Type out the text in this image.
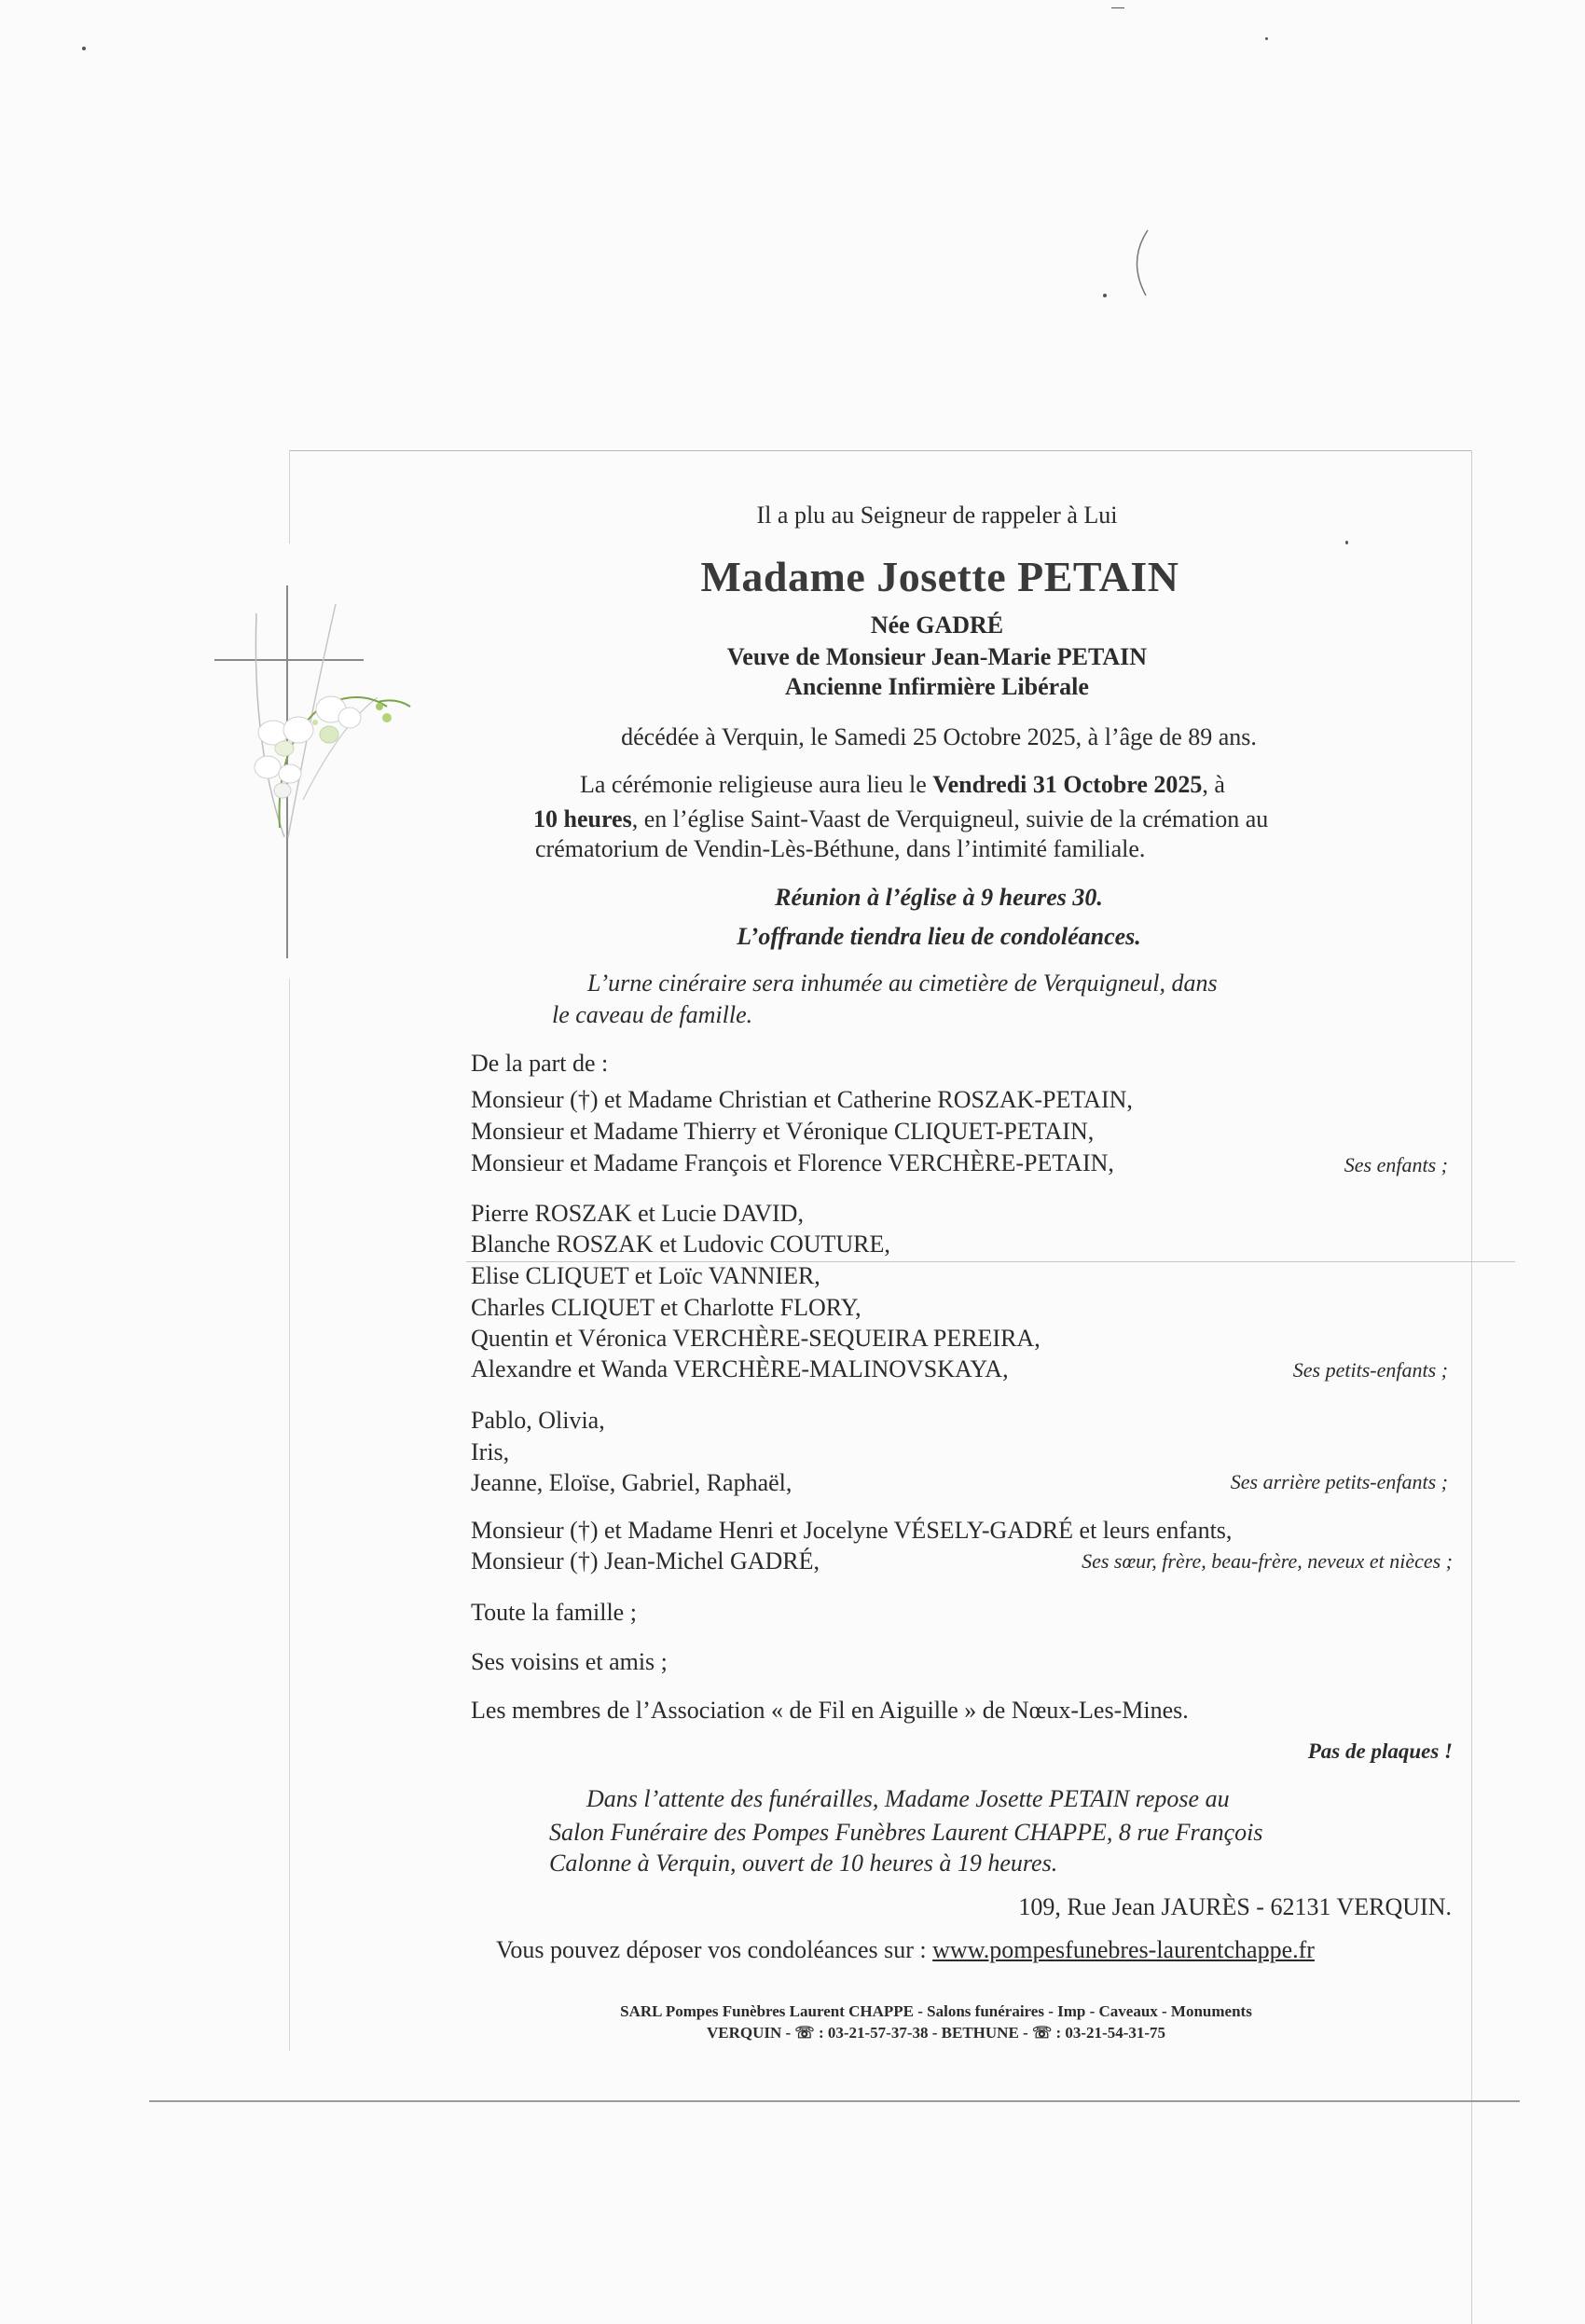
Il a plu au Seigneur de rappeler à Lui
Madame Josette PETAIN
Née GADRÉ
Veuve de Monsieur Jean-Marie PETAIN
Ancienne Infirmière Libérale
décédée à Verquin, le Samedi 25 Octobre 2025, à l’âge de 89 ans.
La cérémonie religieuse aura lieu le Vendredi 31 Octobre 2025, à
10 heures, en l’église Saint-Vaast de Verquigneul, suivie de la crémation au
crématorium de Vendin-Lès-Béthune, dans l’intimité familiale.
Réunion à l’église à 9 heures 30.
L’offrande tiendra lieu de condoléances.
L’urne cinéraire sera inhumée au cimetière de Verquigneul, dans
le caveau de famille.
De la part de :
Monsieur (†) et Madame Christian et Catherine ROSZAK-PETAIN,
Monsieur et Madame Thierry et Véronique CLIQUET-PETAIN,
Monsieur et Madame François et Florence VERCHÈRE-PETAIN,	Ses enfants ;
Pierre ROSZAK et Lucie DAVID,
Blanche ROSZAK et Ludovic COUTURE,
Elise CLIQUET et Loïc VANNIER,
Charles CLIQUET et Charlotte FLORY,
Quentin et Véronica VERCHÈRE-SEQUEIRA PEREIRA,
Alexandre et Wanda VERCHÈRE-MALINOVSKAYA,	Ses petits-enfants ;
Pablo, Olivia,
Iris,
Jeanne, Eloïse, Gabriel, Raphaël,	Ses arrière petits-enfants ;
Monsieur (†) et Madame Henri et Jocelyne VÉSELY-GADRÉ et leurs enfants,
Monsieur (†) Jean-Michel GADRÉ,	Ses sœur, frère, beau-frère, neveux et nièces ;
Toute la famille ;
Ses voisins et amis ;
Les membres de l’Association « de Fil en Aiguille » de Nœux-Les-Mines.
Pas de plaques !
Dans l’attente des funérailles, Madame Josette PETAIN repose au
Salon Funéraire des Pompes Funèbres Laurent CHAPPE, 8 rue François
Calonne à Verquin, ouvert de 10 heures à 19 heures.
109, Rue Jean JAURÈS - 62131 VERQUIN.
Vous pouvez déposer vos condoléances sur : www.pompesfunebres-laurentchappe.fr
SARL Pompes Funèbres Laurent CHAPPE - Salons funéraires - Imp - Caveaux - Monuments
VERQUIN - ☏ : 03-21-57-37-38 - BETHUNE - ☏ : 03-21-54-31-75
